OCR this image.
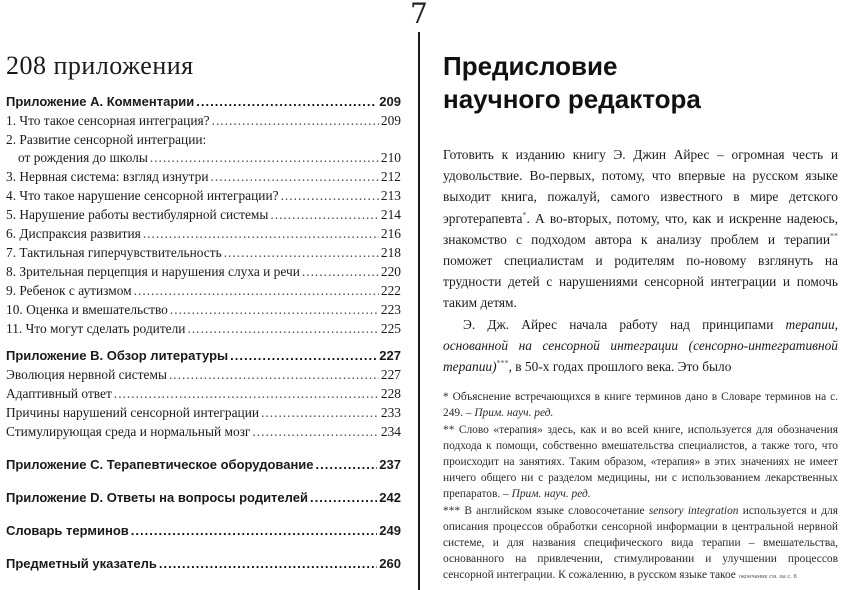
7
208 приложения
Приложение A. Комментарии .....	209
1. Что такое сенсорная интеграция? .....	209
2. Развитие сенсорной интеграции:
от рождения до школы .....	210
3. Нервная система: взгляд изнутри .....	212
4. Что такое нарушение сенсорной интеграции? .....	213
5. Нарушение работы вестибулярной системы .....	214
6. Диспраксия развития .....	216
7. Тактильная гиперчувствительность .....	218
8. Зрительная перцепция и нарушения слуха и речи .....	220
9. Ребенок с аутизмом .....	222
10. Оценка и вмешательство .....	223
11. Что могут сделать родители .....	225
Приложение B. Обзор литературы .....	227
Эволюция нервной системы .....	227
Адаптивный ответ .....	228
Причины нарушений сенсорной интеграции .....	233
Стимулирующая среда и нормальный мозг .....	234
Приложение C. Терапевтическое оборудование .....	237
Приложение D. Ответы на вопросы родителей .....	242
Словарь терминов .....	249
Предметный указатель .....	260
Предисловие
научного редактора

Готовить к изданию книгу Э. Джин Айрес – огромная честь и удовольствие. Во-первых, потому, что впервые на русском языке выходит книга, пожалуй, самого известного в мире детского эрготерапевта*. А во-вторых, потому, что, как и искренне надеюсь, знакомство с подходом автора к анализу проблем и терапии** поможет специалистам и родителям по-новому взглянуть на трудности детей с нарушениями сенсорной интеграции и помочь таким детям.

Э. Дж. Айрес начала работу над принципами терапии, основанной на сенсорной интеграции (сенсорно-интегративной терапии)***, в 50-х годах прошлого века. Это было

* Объяснение встречающихся в книге терминов дано в Словаре терминов на с. 249. – Прим. науч. ред.

** Слово «терапия» здесь, как и во всей книге, используется для обозначения подхода к помощи, собственно вмешательства специалистов, а также того, что происходит на занятиях. Таким образом, «терапия» в этих значениях не имеет ничего общего ни с разделом медицины, ни с использованием лекарственных препаратов. – Прим. науч. ред.

*** В английском языке словосочетание sensory integration используется и для описания процессов обработки сенсорной информации в центральной нервной системе, и для названия специфического вида терапии – вмешательства, основанного на привлечении, стимулировании и улучшении процессов сенсорной интеграции. К сожалению, в русском языке такое окончание см. на с. 8
